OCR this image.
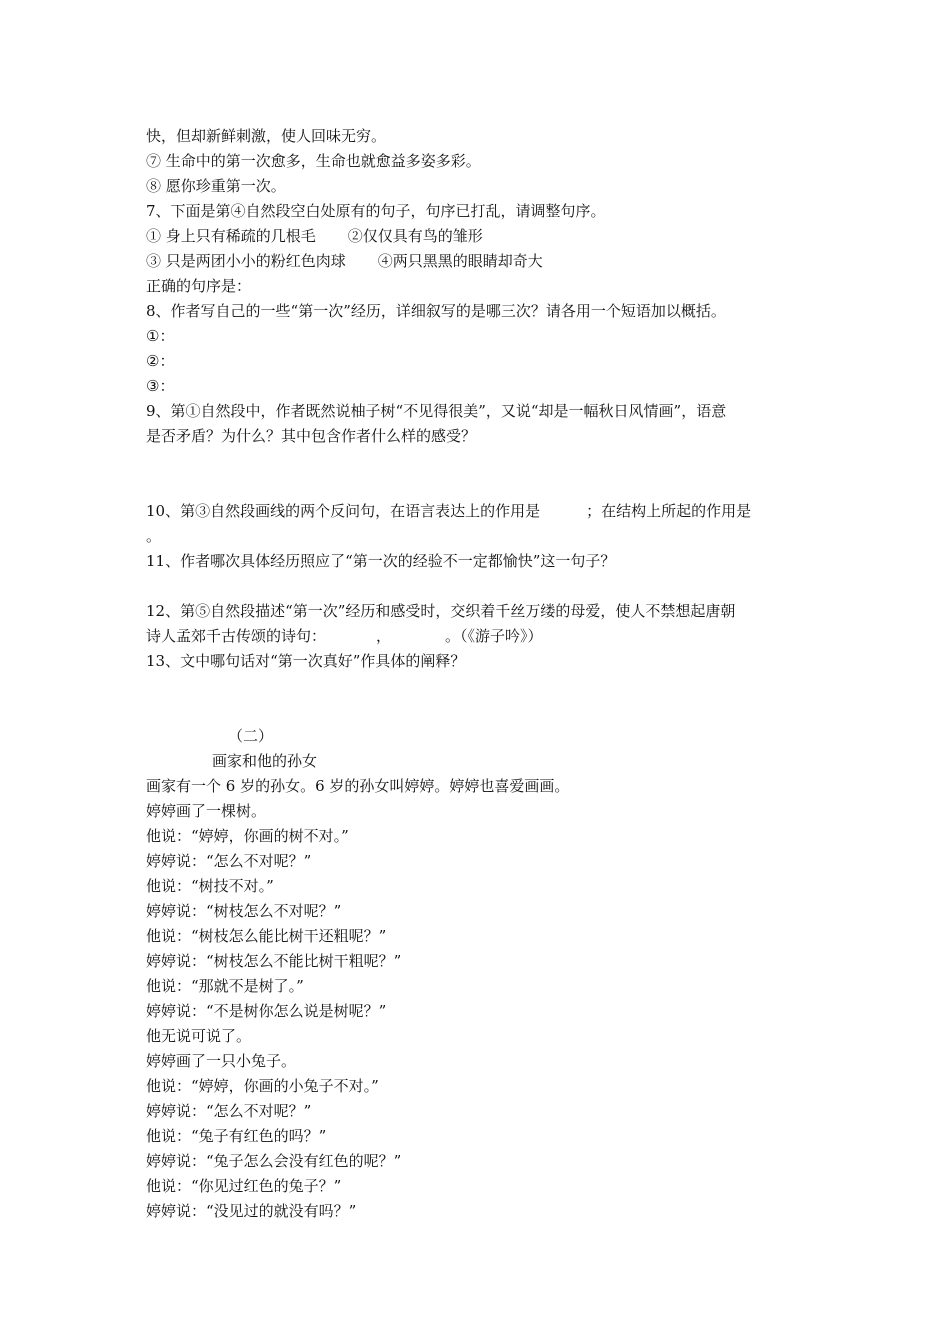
快，但却新鲜刺激，使人回味无穷。
⑦ 生命中的第一次愈多，生命也就愈益多姿多彩。
⑧ 愿你珍重第一次。
7、下面是第④自然段空白处原有的句子，句序已打乱，请调整句序。
① 身上只有稀疏的几根毛 ②仅仅具有鸟的雏形
③ 只是两团小小的粉红色肉球 ④两只黑黑的眼睛却奇大
正确的句序是：
8、作者写自己的一些“第一次”经历，详细叙写的是哪三次？请各用一个短语加以概括。
①：
②：
③：
9、第①自然段中，作者既然说柚子树“不见得很美”，又说“却是一幅秋日风情画”，语意
是否矛盾？为什么？其中包含作者什么样的感受？
10、第③自然段画线的两个反问句，在语言表达上的作用是	；在结构上所起的作用是
。
11、作者哪次具体经历照应了“第一次的经验不一定都愉快”这一句子？
12、第⑤自然段描述“第一次”经历和感受时，交织着千丝万缕的母爱，使人不禁想起唐朝
诗人孟郊千古传颂的诗句：	，	。（《游子吟》）
13、文中哪句话对“第一次真好”作具体的阐释？
（二）
画家和他的孙女
画家有一个 6 岁的孙女。6 岁的孙女叫婷婷。婷婷也喜爱画画。
婷婷画了一棵树。
他说：“婷婷，你画的树不对。”
婷婷说：“怎么不对呢？”
他说：“树技不对。”
婷婷说：“树枝怎么不对呢？”
他说：“树枝怎么能比树干还粗呢？”
婷婷说：“树枝怎么不能比树干粗呢？”
他说：“那就不是树了。”
婷婷说：“不是树你怎么说是树呢？”
他无说可说了。
婷婷画了一只小兔子。
他说：“婷婷，你画的小兔子不对。”
婷婷说：“怎么不对呢？”
他说：“兔子有红色的吗？”
婷婷说：“兔子怎么会没有红色的呢？”
他说：“你见过红色的兔子？”
婷婷说：“没见过的就没有吗？”
